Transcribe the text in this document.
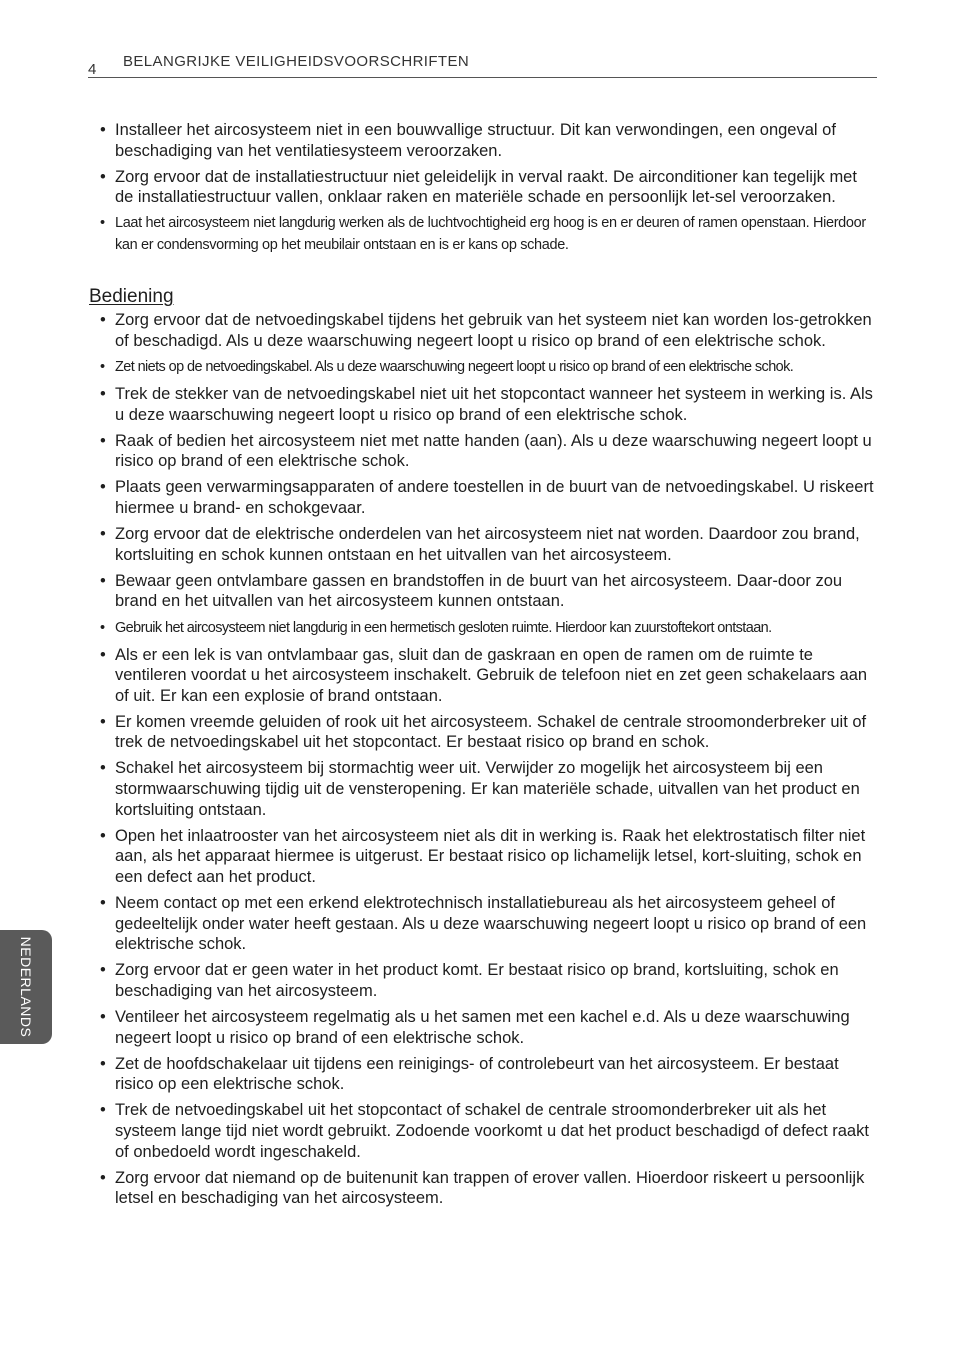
4 BELANGRIJKE VEILIGHEIDSVOORSCHRIFTEN
NEDERLANDS
• Installeer het aircosysteem niet in een bouwvallige structuur. Dit kan verwondingen, een ongeval of beschadiging van het ventilatiesysteem veroorzaken.
• Zorg ervoor dat de installatiestructuur niet geleidelijk in verval raakt. De airconditioner kan tegelijk met de installatiestructuur vallen, onklaar raken en materiële schade en persoonlijk let-sel veroorzaken.
• Laat het aircosysteem niet langdurig werken als de luchtvochtigheid erg hoog is en er deuren of ramen openstaan. Hierdoor kan er condensvorming op het meubilair ontstaan en is er kans op schade.
Bediening
• Zorg ervoor dat de netvoedingskabel tijdens het gebruik van het systeem niet kan worden los-getrokken of beschadigd. Als u deze waarschuwing negeert loopt u risico op brand of een elektrische schok.
• Zet niets op de netvoedingskabel. Als u deze waarschuwing negeert loopt u risico op brand of een elektrische schok.
• Trek de stekker van de netvoedingskabel niet uit het stopcontact wanneer het systeem in werking is. Als u deze waarschuwing negeert loopt u risico op brand of een elektrische schok.
• Raak of bedien het aircosysteem niet met natte handen (aan). Als u deze waarschuwing negeert loopt u risico op brand of een elektrische schok.
• Plaats geen verwarmingsapparaten of andere toestellen in de buurt van de netvoedingskabel. U riskeert hiermee u brand- en schokgevaar.
• Zorg ervoor dat de elektrische onderdelen van het aircosysteem niet nat worden. Daardoor zou brand, kortsluiting en schok kunnen ontstaan en het uitvallen van het aircosysteem.
• Bewaar geen ontvlambare gassen en brandstoffen in de buurt van het aircosysteem. Daar-door zou brand en het uitvallen van het aircosysteem kunnen ontstaan.
• Gebruik het aircosysteem niet langdurig in een hermetisch gesloten ruimte. Hierdoor kan zuurstoftekort ontstaan.
• Als er een lek is van ontvlambaar gas, sluit dan de gaskraan en open de ramen om de ruimte te ventileren voordat u het aircosysteem inschakelt. Gebruik de telefoon niet en zet geen schakelaars aan of uit. Er kan een explosie of brand ontstaan.
• Er komen vreemde geluiden of rook uit het aircosysteem. Schakel de centrale stroomonderbreker uit of trek de netvoedingskabel uit het stopcontact. Er bestaat risico op brand en schok.
• Schakel het aircosysteem bij stormachtig weer uit. Verwijder zo mogelijk het aircosysteem bij een stormwaarschuwing tijdig uit de vensteropening. Er kan materiële schade, uitvallen van het product en kortsluiting ontstaan.
• Open het inlaatrooster van het aircosysteem niet als dit in werking is. Raak het elektrostatisch filter niet aan, als het apparaat hiermee is uitgerust. Er bestaat risico op lichamelijk letsel, kort-sluiting, schok en een defect aan het product.
• Neem contact op met een erkend elektrotechnisch installatiebureau als het aircosysteem geheel of gedeeltelijk onder water heeft gestaan. Als u deze waarschuwing negeert loopt u risico op brand of een elektrische schok.
• Zorg ervoor dat er geen water in het product komt. Er bestaat risico op brand, kortsluiting, schok en beschadiging van het aircosysteem.
• Ventileer het aircosysteem regelmatig als u het samen met een kachel e.d. Als u deze waarschuwing negeert loopt u risico op brand of een elektrische schok.
• Zet de hoofdschakelaar uit tijdens een reinigings- of controlebeurt van het aircosysteem. Er bestaat risico op een elektrische schok.
• Trek de netvoedingskabel uit het stopcontact of schakel de centrale stroomonderbreker uit als het systeem lange tijd niet wordt gebruikt. Zodoende voorkomt u dat het product beschadigd of defect raakt of onbedoeld wordt ingeschakeld.
• Zorg ervoor dat niemand op de buitenunit kan trappen of erover vallen. Hioerdoor riskeert u persoonlijk letsel en beschadiging van het aircosysteem.
